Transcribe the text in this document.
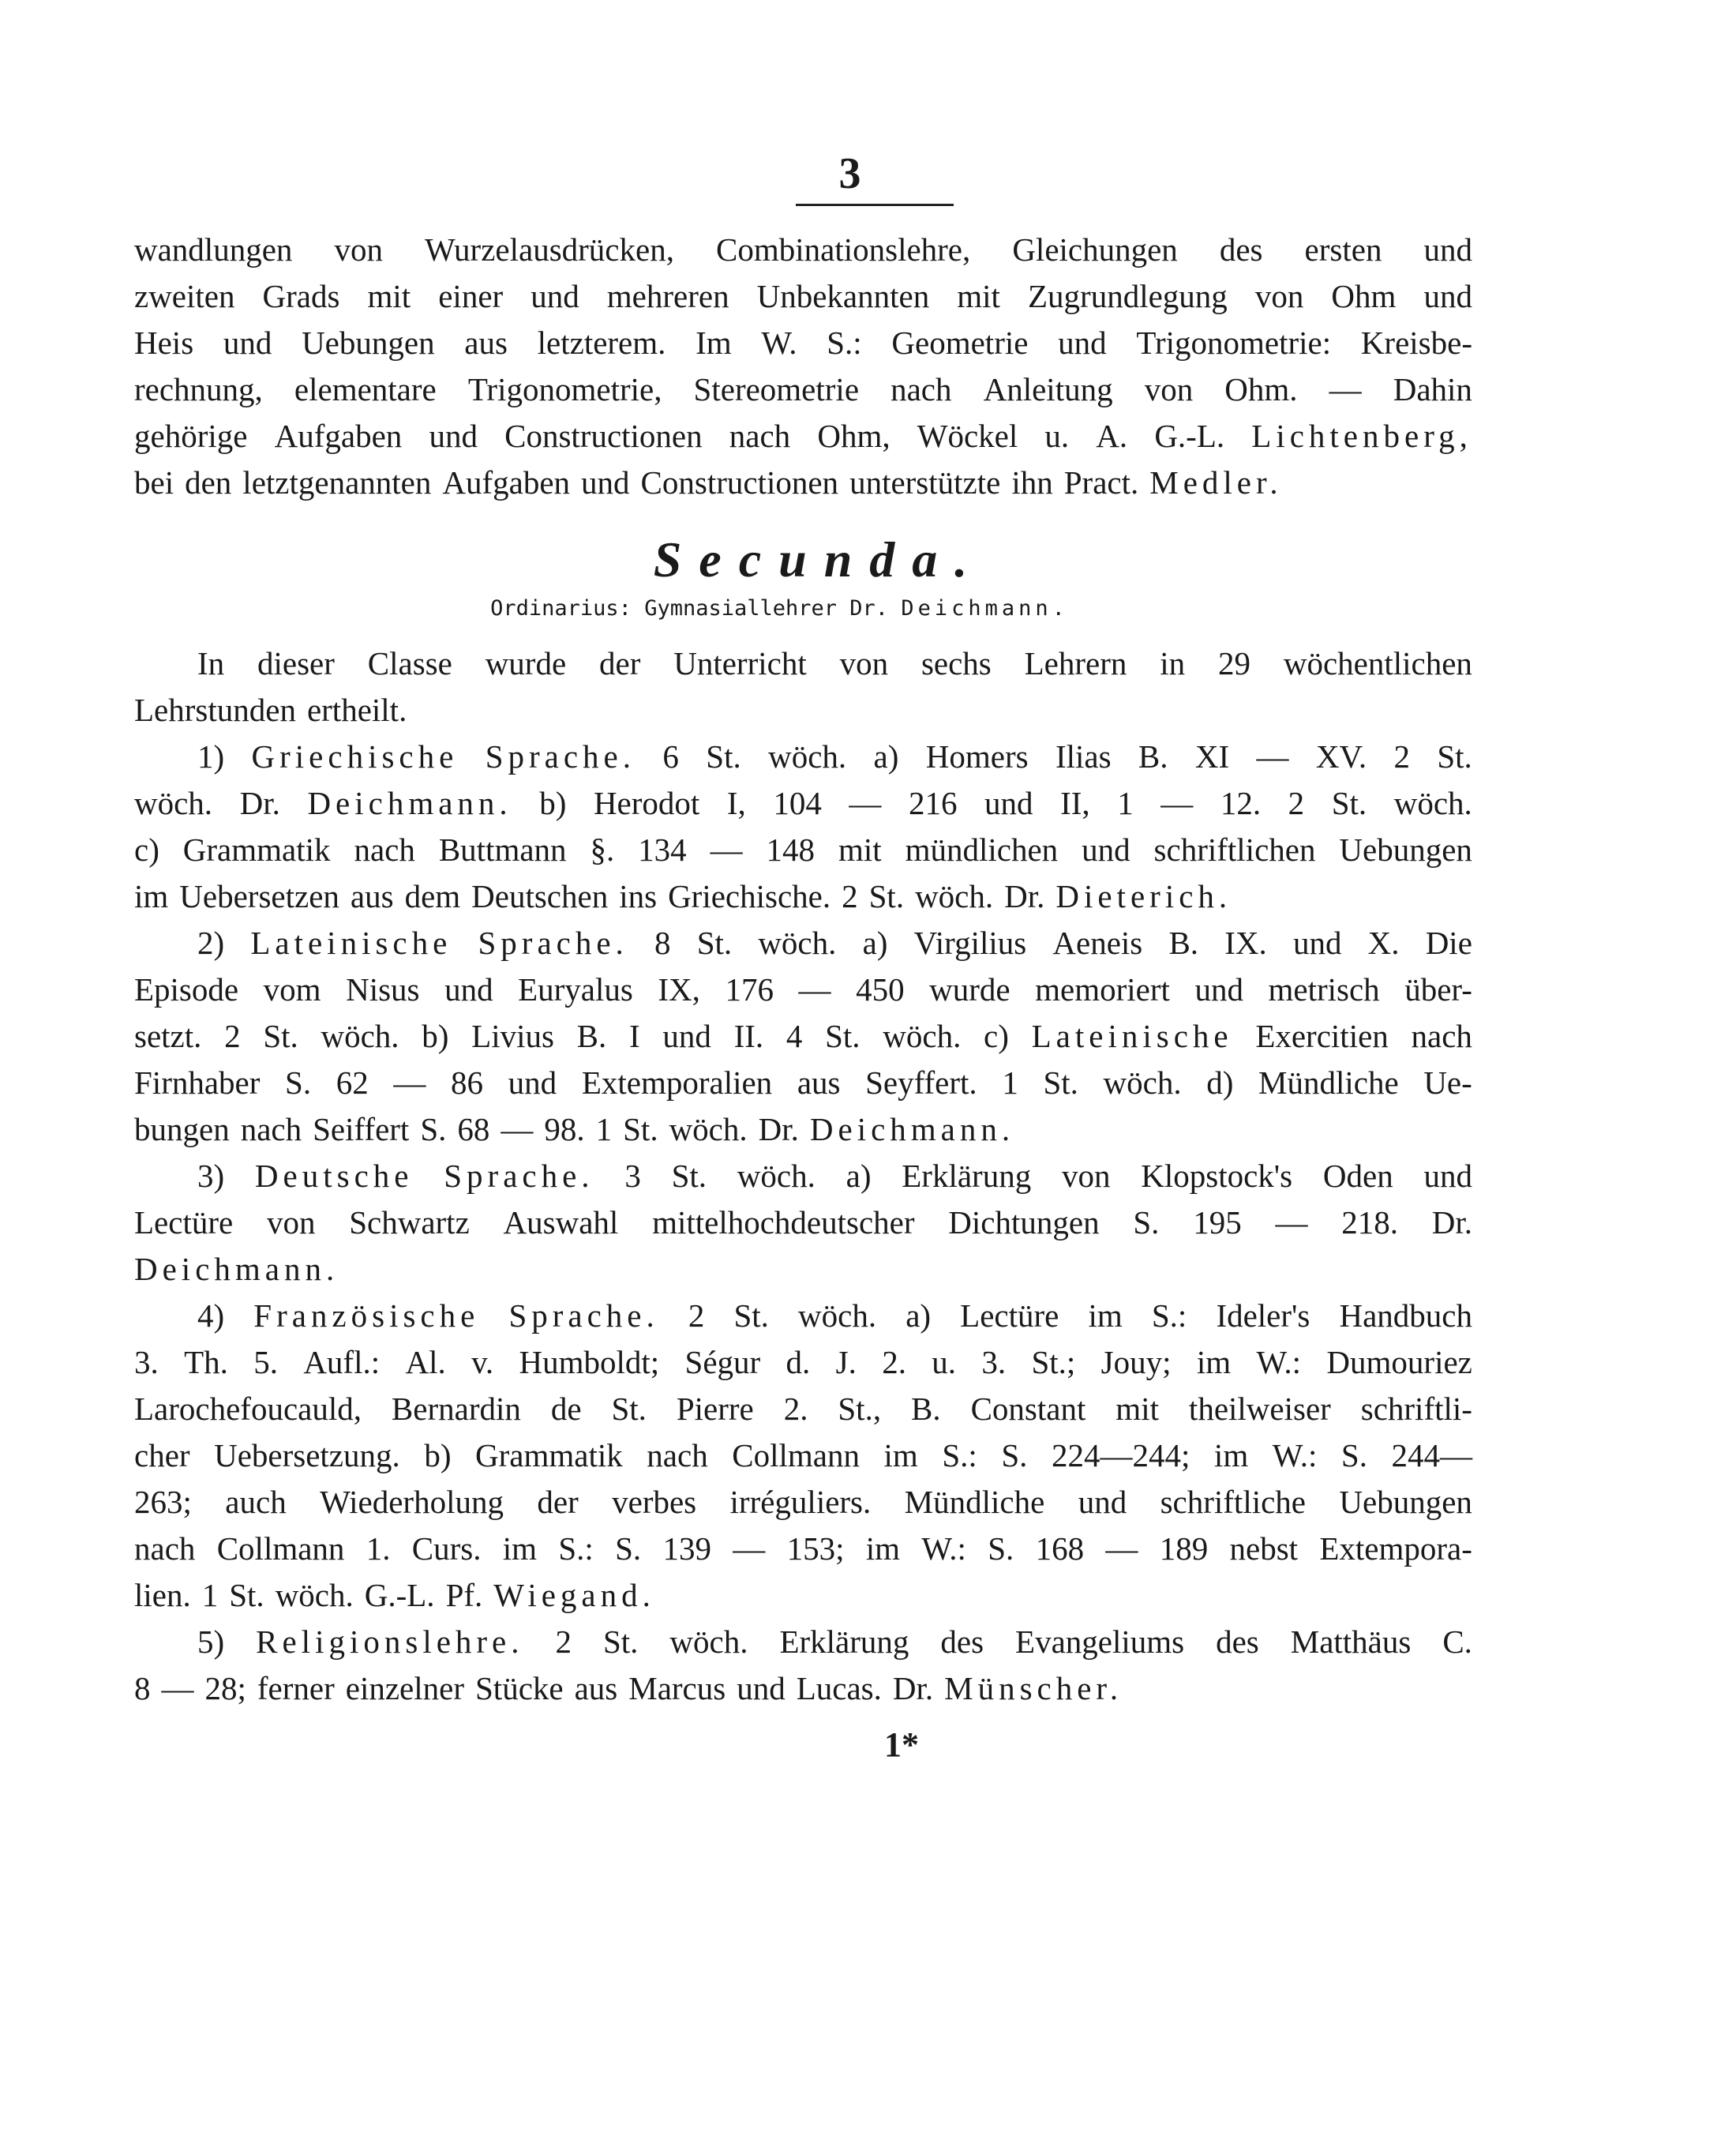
3
wandlungen von Wurzelausdrücken, Combinationslehre, Gleichungen des ersten und
zweiten Grads mit einer und mehreren Unbekannten mit Zugrundlegung von Ohm und
Heis und Uebungen aus letzterem. Im W. S.: Geometrie und Trigonometrie: Kreisbe-
rechnung, elementare Trigonometrie, Stereometrie nach Anleitung von Ohm. — Dahin
gehörige Aufgaben und Constructionen nach Ohm, Wöckel u. A. G.-L. Lichtenberg,
bei den letztgenannten Aufgaben und Constructionen unterstützte ihn Pract. Medler.
Secunda.
Ordinarius: Gymnasiallehrer Dr. Deichmann.
In dieser Classe wurde der Unterricht von sechs Lehrern in 29 wöchentlichen
Lehrstunden ertheilt.
1) Griechische Sprache. 6 St. wöch. a) Homers Ilias B. XI — XV. 2 St.
wöch. Dr. Deichmann. b) Herodot I, 104 — 216 und II, 1 — 12. 2 St. wöch.
c) Grammatik nach Buttmann §. 134 — 148 mit mündlichen und schriftlichen Uebungen
im Uebersetzen aus dem Deutschen ins Griechische. 2 St. wöch. Dr. Dieterich.
2) Lateinische Sprache. 8 St. wöch. a) Virgilius Aeneis B. IX. und X. Die
Episode vom Nisus und Euryalus IX, 176 — 450 wurde memoriert und metrisch über-
setzt. 2 St. wöch. b) Livius B. I und II. 4 St. wöch. c) Lateinische Exercitien nach
Firnhaber S. 62 — 86 und Extemporalien aus Seyffert. 1 St. wöch. d) Mündliche Ue-
bungen nach Seiffert S. 68 — 98. 1 St. wöch. Dr. Deichmann.
3) Deutsche Sprache. 3 St. wöch. a) Erklärung von Klopstock's Oden und
Lectüre von Schwartz Auswahl mittelhochdeutscher Dichtungen S. 195 — 218. Dr.
Deichmann.
4) Französische Sprache. 2 St. wöch. a) Lectüre im S.: Ideler's Handbuch
3. Th. 5. Aufl.: Al. v. Humboldt; Ségur d. J. 2. u. 3. St.; Jouy; im W.: Dumouriez
Larochefoucauld, Bernardin de St. Pierre 2. St., B. Constant mit theilweiser schriftli-
cher Uebersetzung. b) Grammatik nach Collmann im S.: S. 224—244; im W.: S. 244—
263; auch Wiederholung der verbes irréguliers. Mündliche und schriftliche Uebungen
nach Collmann 1. Curs. im S.: S. 139 — 153; im W.: S. 168 — 189 nebst Extempora-
lien. 1 St. wöch. G.-L. Pf. Wiegand.
5) Religionslehre. 2 St. wöch. Erklärung des Evangeliums des Matthäus C.
8 — 28; ferner einzelner Stücke aus Marcus und Lucas. Dr. Münscher.
1*
